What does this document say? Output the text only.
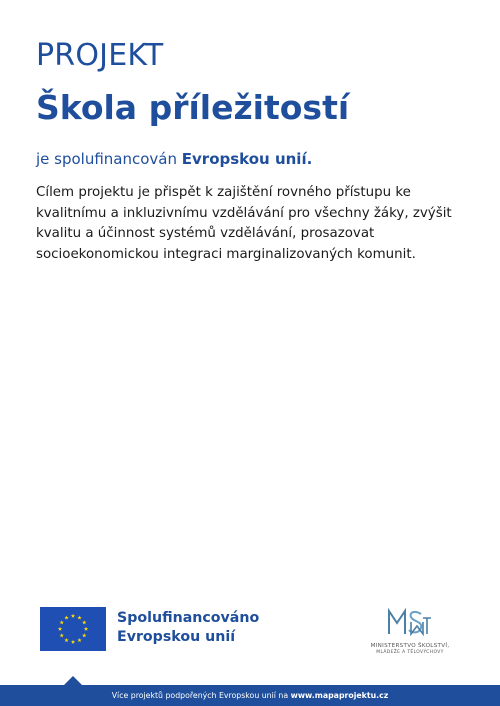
PROJEKT
Škola příležitostí
je spolufinancován Evropskou unií.
Cílem projektu je přispět k zajištění rovného přístupu ke kvalitnímu a inkluzivnímu vzdělávání pro všechny žáky, zvýšit kvalitu a účinnost systémů vzdělávání, prosazovat socioekonomickou integraci marginalizovaných komunit.
Spolufinancováno
Evropskou unií
MINISTERSTVO ŠKOLSTVÍ,
MLÁDEŽE A TĚLOVÝCHOVY
Více projektů podpořených Evropskou unií na www.mapaprojektu.cz
